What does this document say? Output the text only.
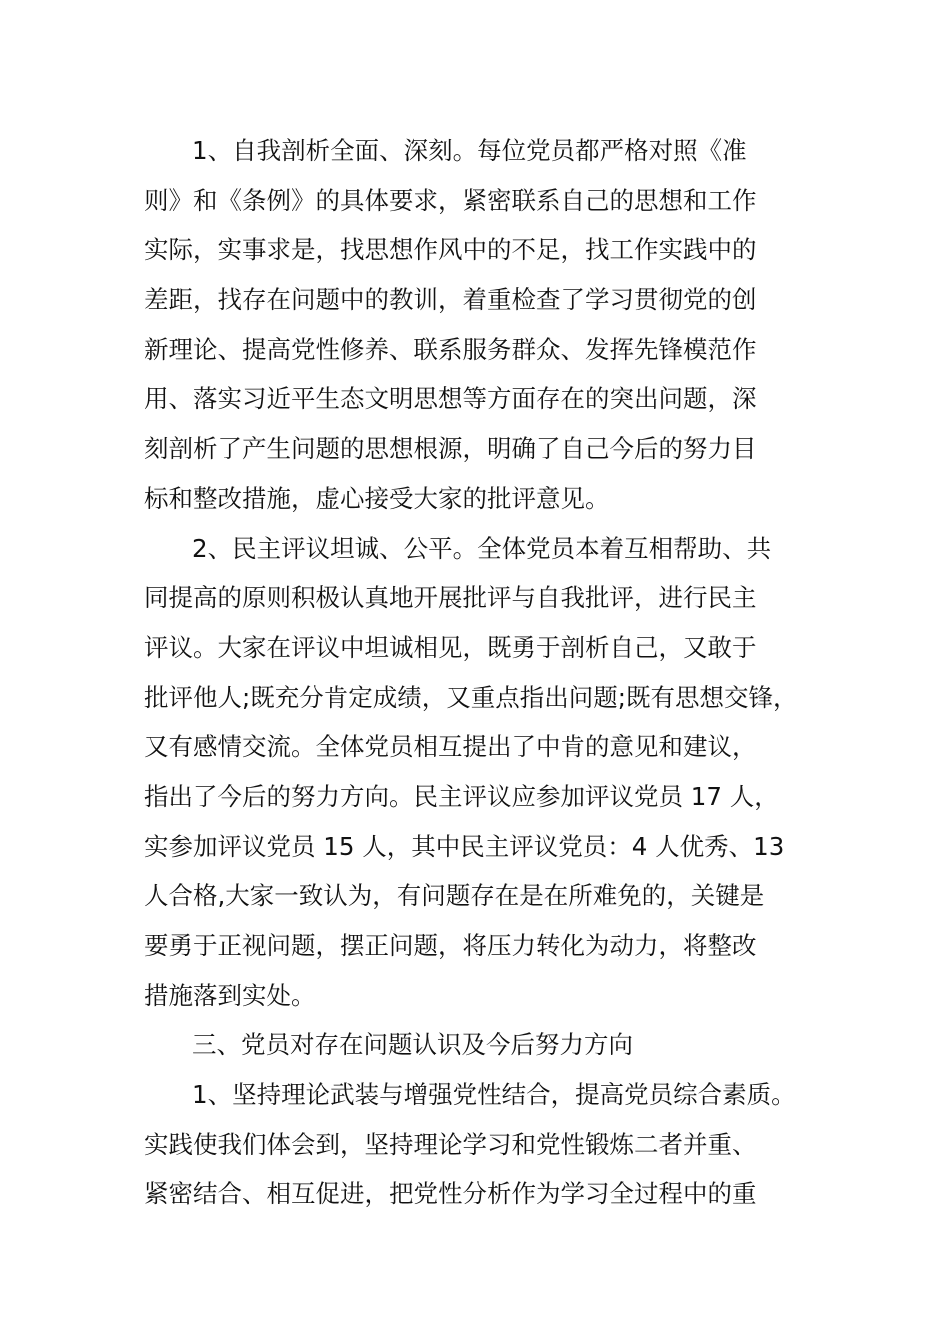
1、自我剖析全面、深刻。每位党员都严格对照《准
则》和《条例》的具体要求，紧密联系自己的思想和工作
实际，实事求是，找思想作风中的不足，找工作实践中的
差距，找存在问题中的教训，着重检查了学习贯彻党的创
新理论、提高党性修养、联系服务群众、发挥先锋模范作
用、落实习近平生态文明思想等方面存在的突出问题，深
刻剖析了产生问题的思想根源，明确了自己今后的努力目
标和整改措施，虚心接受大家的批评意见。
2、民主评议坦诚、公平。全体党员本着互相帮助、共
同提高的原则积极认真地开展批评与自我批评，进行民主
评议。大家在评议中坦诚相见，既勇于剖析自己，又敢于
批评他人;既充分肯定成绩，又重点指出问题;既有思想交锋，
又有感情交流。全体党员相互提出了中肯的意见和建议，
指出了今后的努力方向。民主评议应参加评议党员 17 人，
实参加评议党员 15 人，其中民主评议党员：4 人优秀、13
人合格,大家一致认为，有问题存在是在所难免的，关键是
要勇于正视问题，摆正问题，将压力转化为动力，将整改
措施落到实处。
三、党员对存在问题认识及今后努力方向
1、坚持理论武装与增强党性结合，提高党员综合素质。
实践使我们体会到，坚持理论学习和党性锻炼二者并重、
紧密结合、相互促进，把党性分析作为学习全过程中的重
